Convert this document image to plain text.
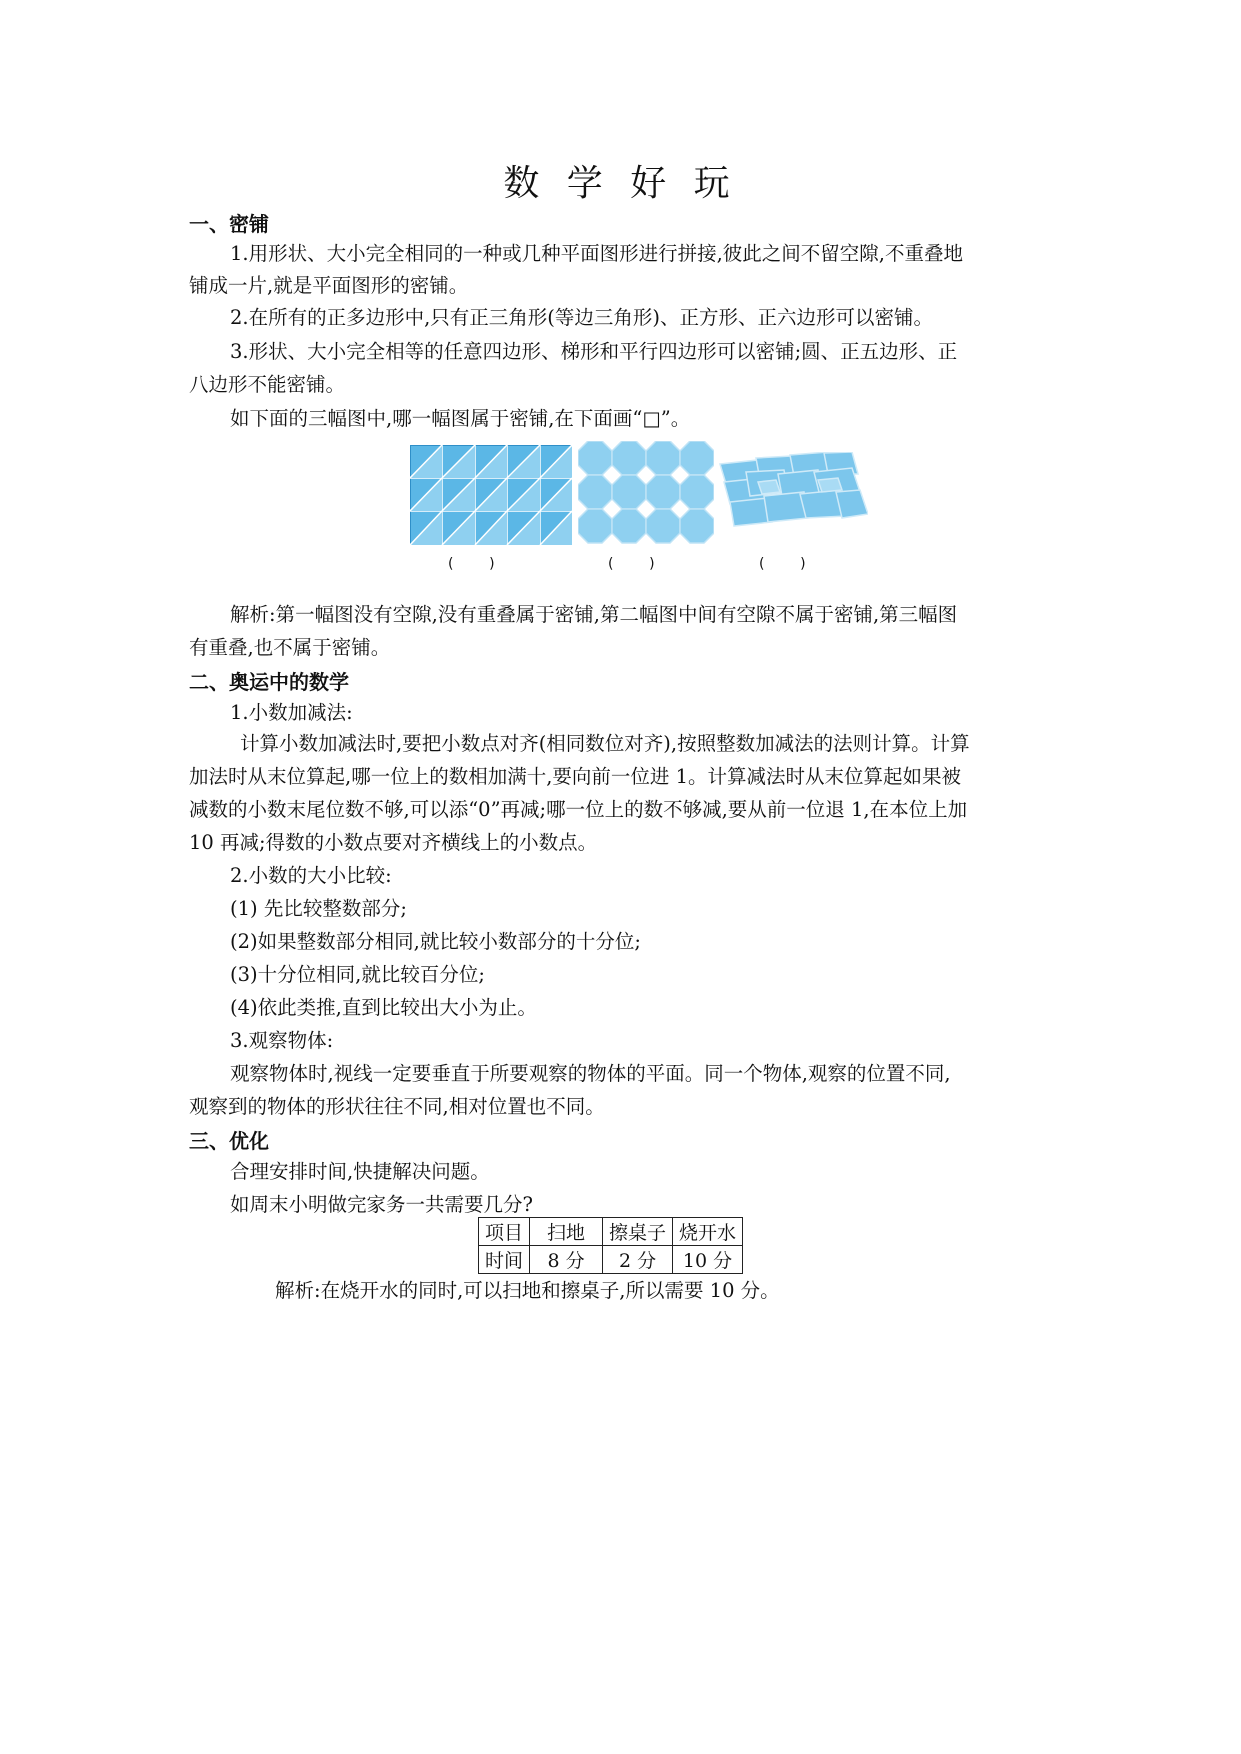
数 学 好 玩
一、密铺
1.用形状、大小完全相同的一种或几种平面图形进行拼接,彼此之间不留空隙,不重叠地
铺成一片,就是平面图形的密铺。
2.在所有的正多边形中,只有正三角形(等边三角形)、正方形、正六边形可以密铺。
3.形状、大小完全相等的任意四边形、梯形和平行四边形可以密铺;圆、正五边形、正
八边形不能密铺。
如下面的三幅图中,哪一幅图属于密铺,在下面画“□”。
(        )	(        )	(        )
解析:第一幅图没有空隙,没有重叠属于密铺,第二幅图中间有空隙不属于密铺,第三幅图
有重叠,也不属于密铺。
二、奥运中的数学
1.小数加减法:
计算小数加减法时,要把小数点对齐(相同数位对齐),按照整数加减法的法则计算。计算
加法时从末位算起,哪一位上的数相加满十,要向前一位进 1。计算减法时从末位算起如果被
减数的小数末尾位数不够,可以添“0”再减;哪一位上的数不够减,要从前一位退 1,在本位上加
10 再减;得数的小数点要对齐横线上的小数点。
2.小数的大小比较:
(1) 先比较整数部分;
(2)如果整数部分相同,就比较小数部分的十分位;
(3)十分位相同,就比较百分位;
(4)依此类推,直到比较出大小为止。
3.观察物体:
观察物体时,视线一定要垂直于所要观察的物体的平面。同一个物体,观察的位置不同,
观察到的物体的形状往往不同,相对位置也不同。
三、优化
合理安排时间,快捷解决问题。
如周末小明做完家务一共需要几分?
项目	扫地	擦桌子	烧开水
时间	8 分	2 分	10 分
解析:在烧开水的同时,可以扫地和擦桌子,所以需要 10 分。
